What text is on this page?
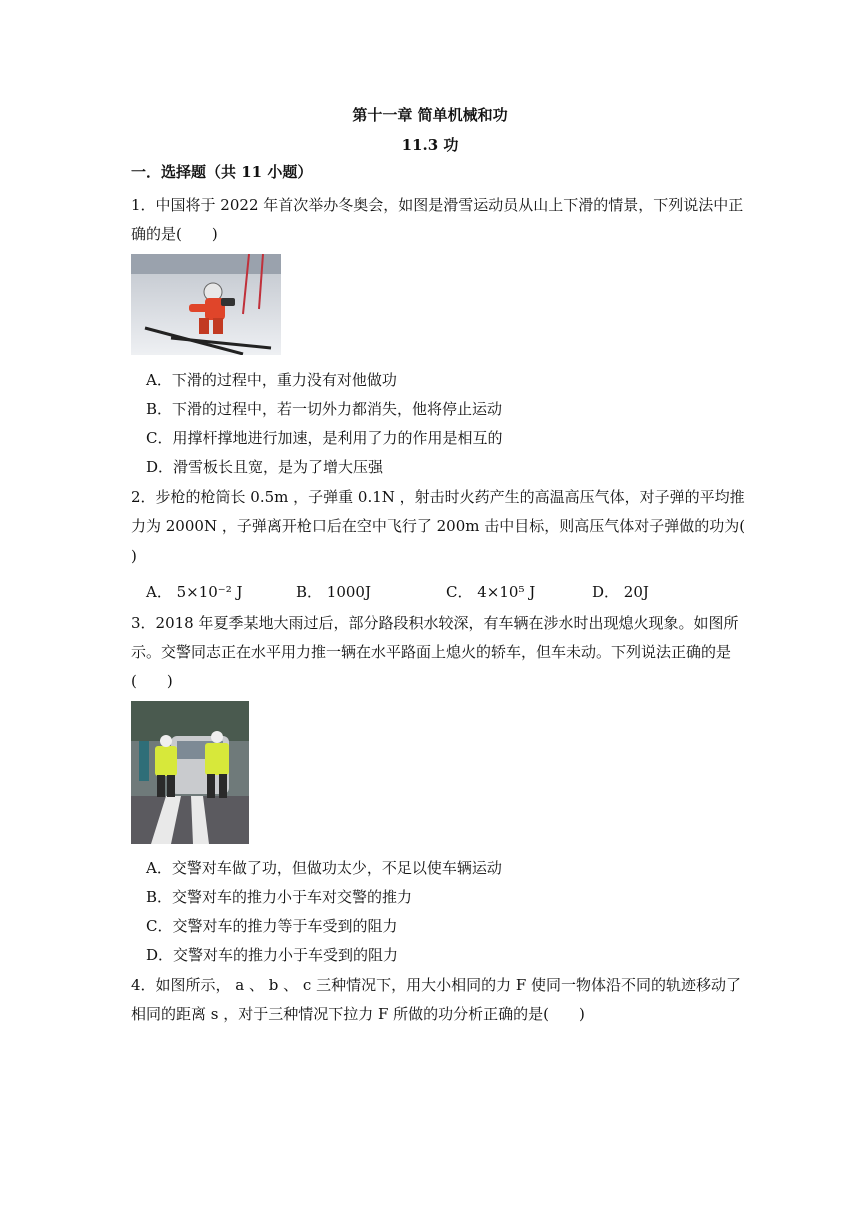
第十一章 简单机械和功
11.3 功
一．选择题（共 11 小题）
1．中国将于 2022 年首次举办冬奥会，如图是滑雪运动员从山上下滑的情景，下列说法中正
确的是(　　)
A．下滑的过程中，重力没有对他做功
B．下滑的过程中，若一切外力都消失，他将停止运动
C．用撑杆撑地进行加速，是利用了力的作用是相互的
D．滑雪板长且宽，是为了增大压强
2．步枪的枪筒长 0.5m ，子弹重 0.1N ，射击时火药产生的高温高压气体，对子弹的平均推
力为 2000N ，子弹离开枪口后在空中飞行了 200m 击中目标，则高压气体对子弹做的功为(
)
A． 5×10⁻² J	B． 1000J	C． 4×10⁵ J	D． 20J
3．2018 年夏季某地大雨过后，部分路段积水较深，有车辆在涉水时出现熄火现象。如图所
示。交警同志正在水平用力推一辆在水平路面上熄火的轿车，但车未动。下列说法正确的是
(　　)
A．交警对车做了功，但做功太少，不足以使车辆运动
B．交警对车的推力小于车对交警的推力
C．交警对车的推力等于车受到的阻力
D．交警对车的推力小于车受到的阻力
4．如图所示， a 、 b 、 c 三种情况下，用大小相同的力 F 使同一物体沿不同的轨迹移动了
相同的距离 s ，对于三种情况下拉力 F 所做的功分析正确的是(　　)
